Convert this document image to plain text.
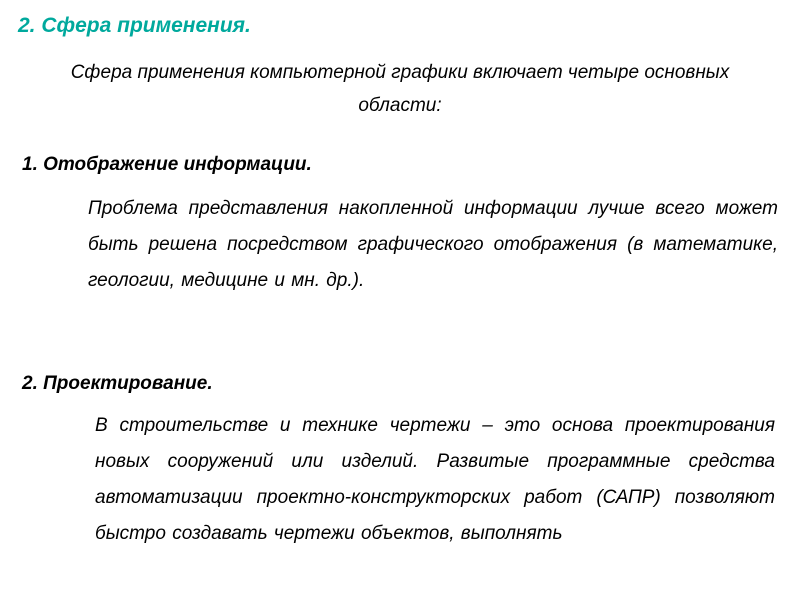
2. Сфера применения.
Сфера применения компьютерной графики включает четыре основных области:
1. Отображение информации.
Проблема представления накопленной информации лучше всего может быть решена посредством графического отображения (в математике, геологии, медицине и мн. др.).
2. Проектирование.
В строительстве и технике чертежи – это основа проектирования новых сооружений или изделий. Развитые программные средства автоматизации проектно-конструкторских работ (САПР) позволяют быстро создавать чертежи объектов, выполнять
